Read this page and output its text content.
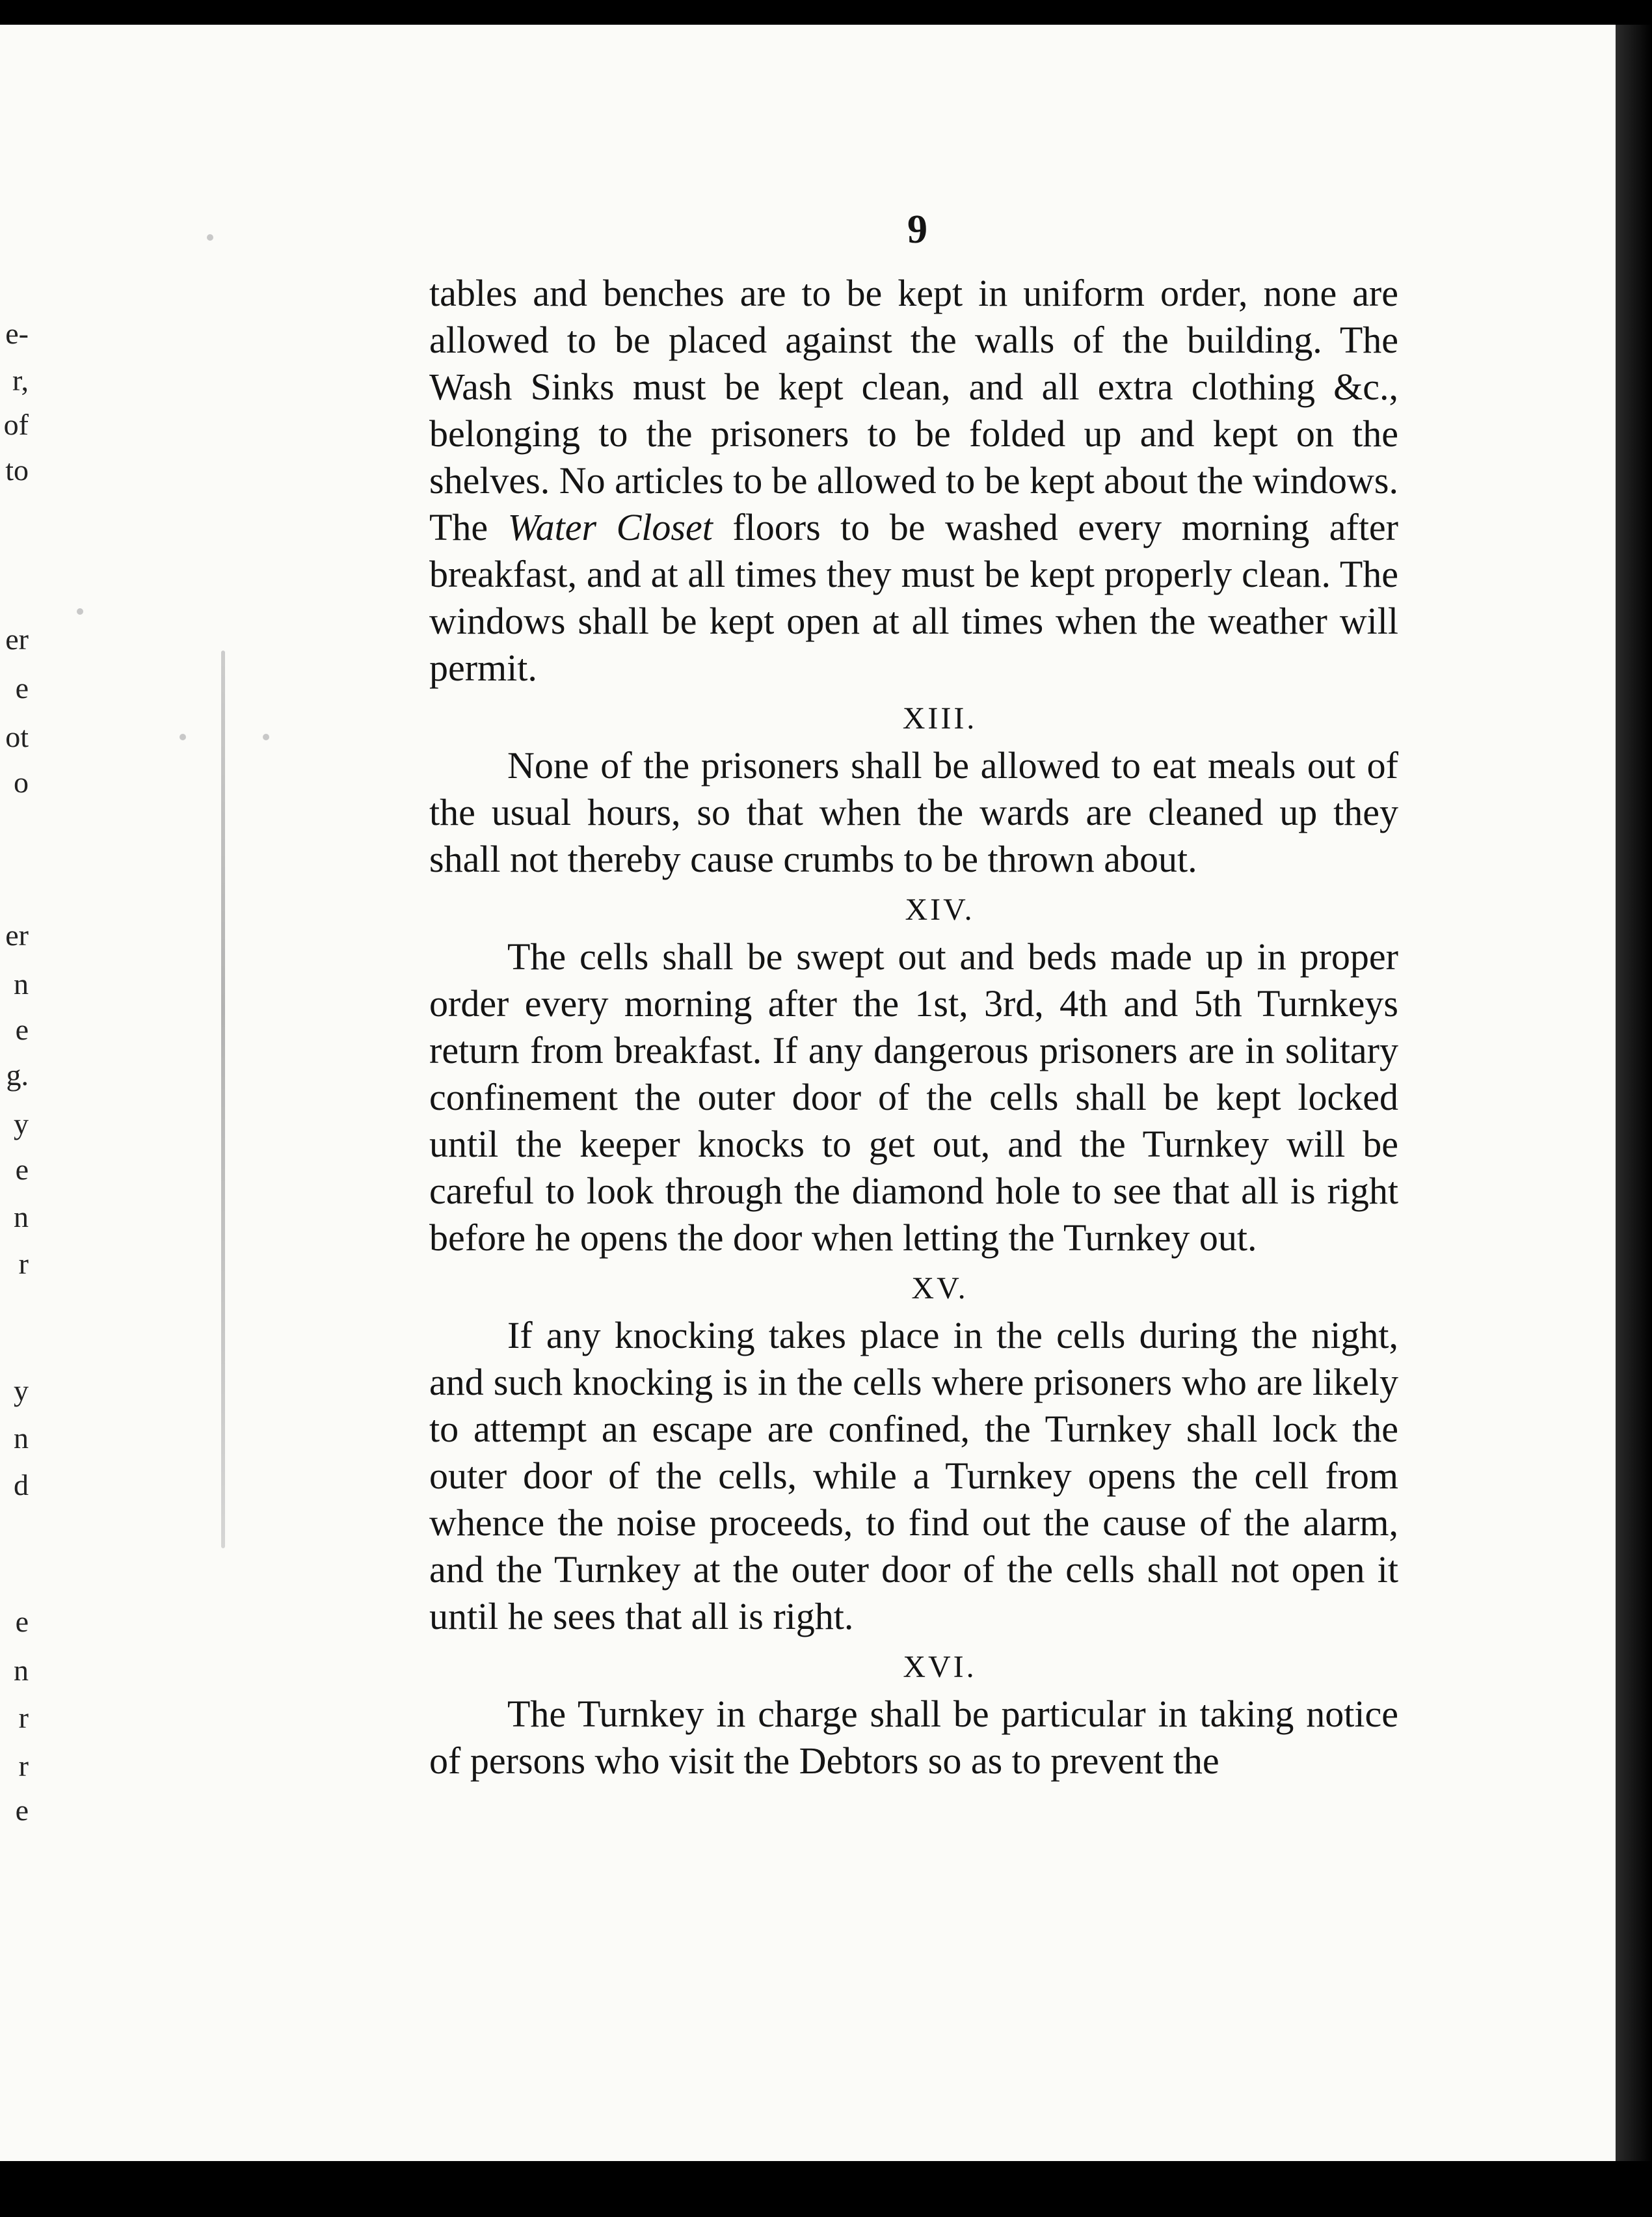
e-
r,
of
to
er
e
ot
o
er
n
e
g.
y
e
n
r
y
n
d
e
n
r
r
e
9

tables and benches are to be kept in uniform order, none are allowed to be placed against the walls of the building. The Wash Sinks must be kept clean, and all extra clothing &c., belonging to the prisoners to be folded up and kept on the shelves. No articles to be allowed to be kept about the windows. The Water Closet floors to be washed every morning after breakfast, and at all times they must be kept properly clean. The windows shall be kept open at all times when the weather will permit.

XIII.

None of the prisoners shall be allowed to eat meals out of the usual hours, so that when the wards are cleaned up they shall not thereby cause crumbs to be thrown about.

XIV.

The cells shall be swept out and beds made up in proper order every morning after the 1st, 3rd, 4th and 5th Turnkeys return from breakfast. If any dangerous prisoners are in solitary confinement the outer door of the cells shall be kept locked until the keeper knocks to get out, and the Turnkey will be careful to look through the diamond hole to see that all is right before he opens the door when letting the Turnkey out.

XV.

If any knocking takes place in the cells during the night, and such knocking is in the cells where prisoners who are likely to attempt an escape are confined, the Turnkey shall lock the outer door of the cells, while a Turnkey opens the cell from whence the noise proceeds, to find out the cause of the alarm, and the Turnkey at the outer door of the cells shall not open it until he sees that all is right.

XVI.

The Turnkey in charge shall be particular in taking notice of persons who visit the Debtors so as to prevent the
